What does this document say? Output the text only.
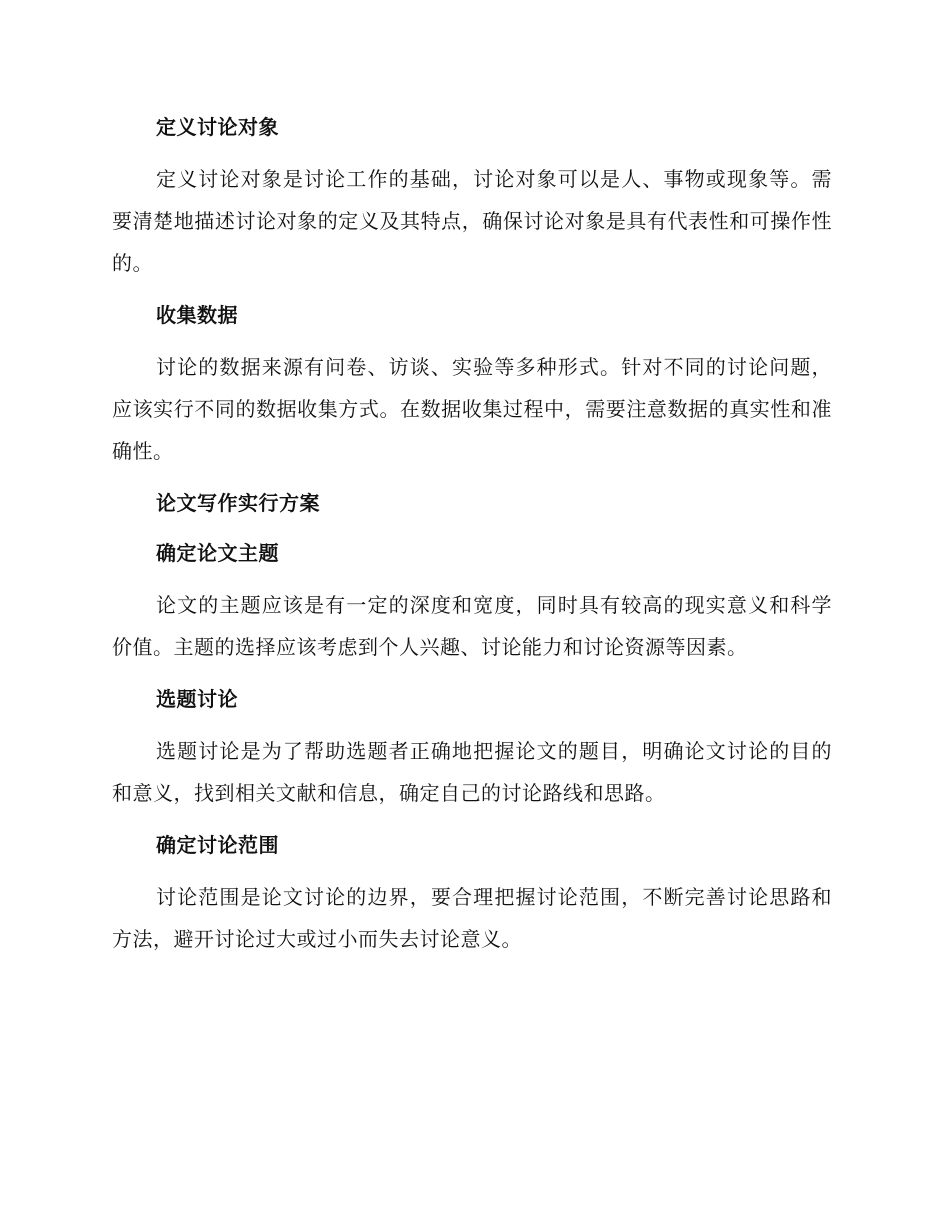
定义讨论对象

定义讨论对象是讨论工作的基础，讨论对象可以是人、事物或现象等。需要清楚地描述讨论对象的定义及其特点，确保讨论对象是具有代表性和可操作性的。

收集数据

讨论的数据来源有问卷、访谈、实验等多种形式。针对不同的讨论问题，应该实行不同的数据收集方式。在数据收集过程中，需要注意数据的真实性和准确性。

论文写作实行方案
确定论文主题

论文的主题应该是有一定的深度和宽度，同时具有较高的现实意义和科学价值。主题的选择应该考虑到个人兴趣、讨论能力和讨论资源等因素。

选题讨论

选题讨论是为了帮助选题者正确地把握论文的题目，明确论文讨论的目的和意义，找到相关文献和信息，确定自己的讨论路线和思路。

确定讨论范围

讨论范围是论文讨论的边界，要合理把握讨论范围，不断完善讨论思路和方法，避开讨论过大或过小而失去讨论意义。
